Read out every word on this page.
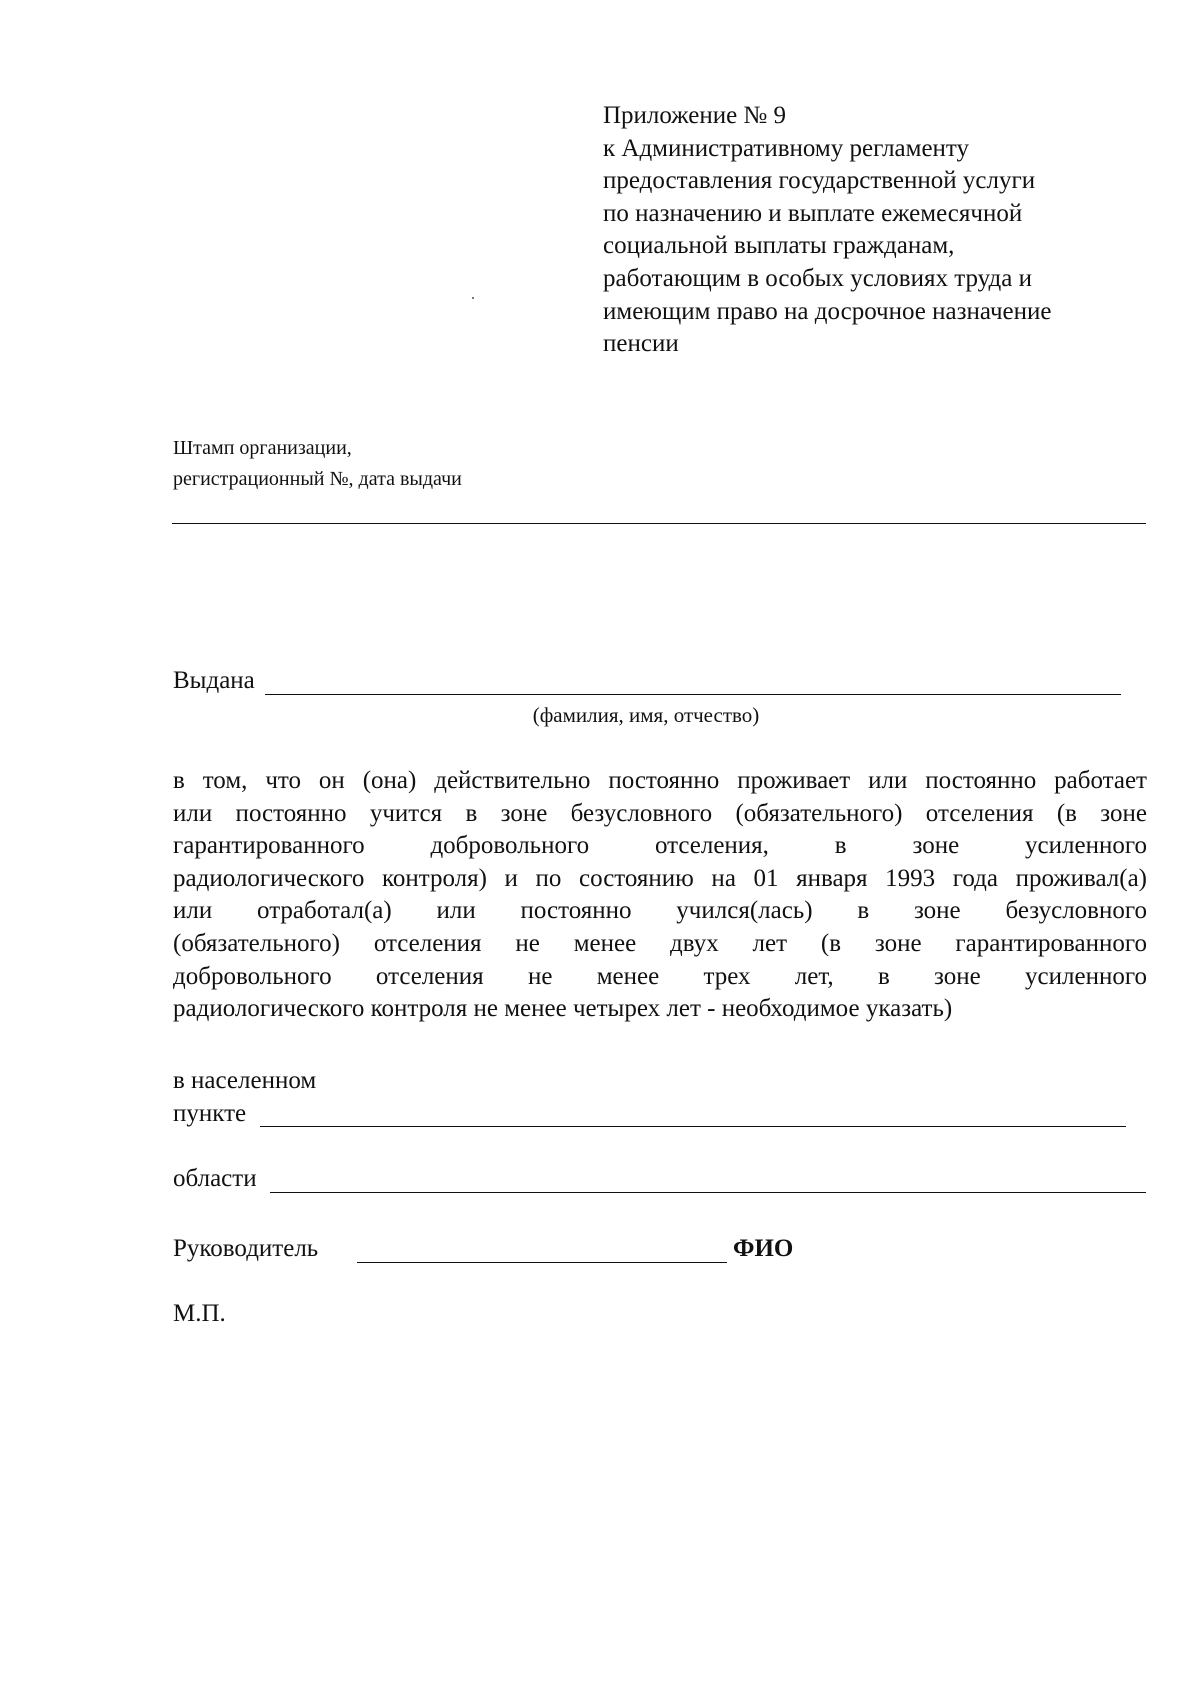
Приложение № 9
к Административному регламенту
предоставления государственной услуги
по назначению и выплате ежемесячной
социальной выплаты гражданам,
работающим в особых условиях труда и
имеющим право на досрочное назначение
пенсии
Штамп организации,
регистрационный №, дата выдачи
Выдана
(фамилия, имя, отчество)
в том, что он (она) действительно постоянно проживает или постоянно работает
или постоянно учится в зоне безусловного (обязательного) отселения (в зоне
гарантированного добровольного отселения, в зоне усиленного
радиологического контроля) и по состоянию на 01 января 1993 года проживал(а)
или отработал(а) или постоянно учился(лась) в зоне безусловного
(обязательного) отселения не менее двух лет (в зоне гарантированного
добровольного отселения не менее трех лет, в зоне усиленного
радиологического контроля не менее четырех лет - необходимое указать)
в населенном
пункте
области
Руководитель	ФИО
М.П.
